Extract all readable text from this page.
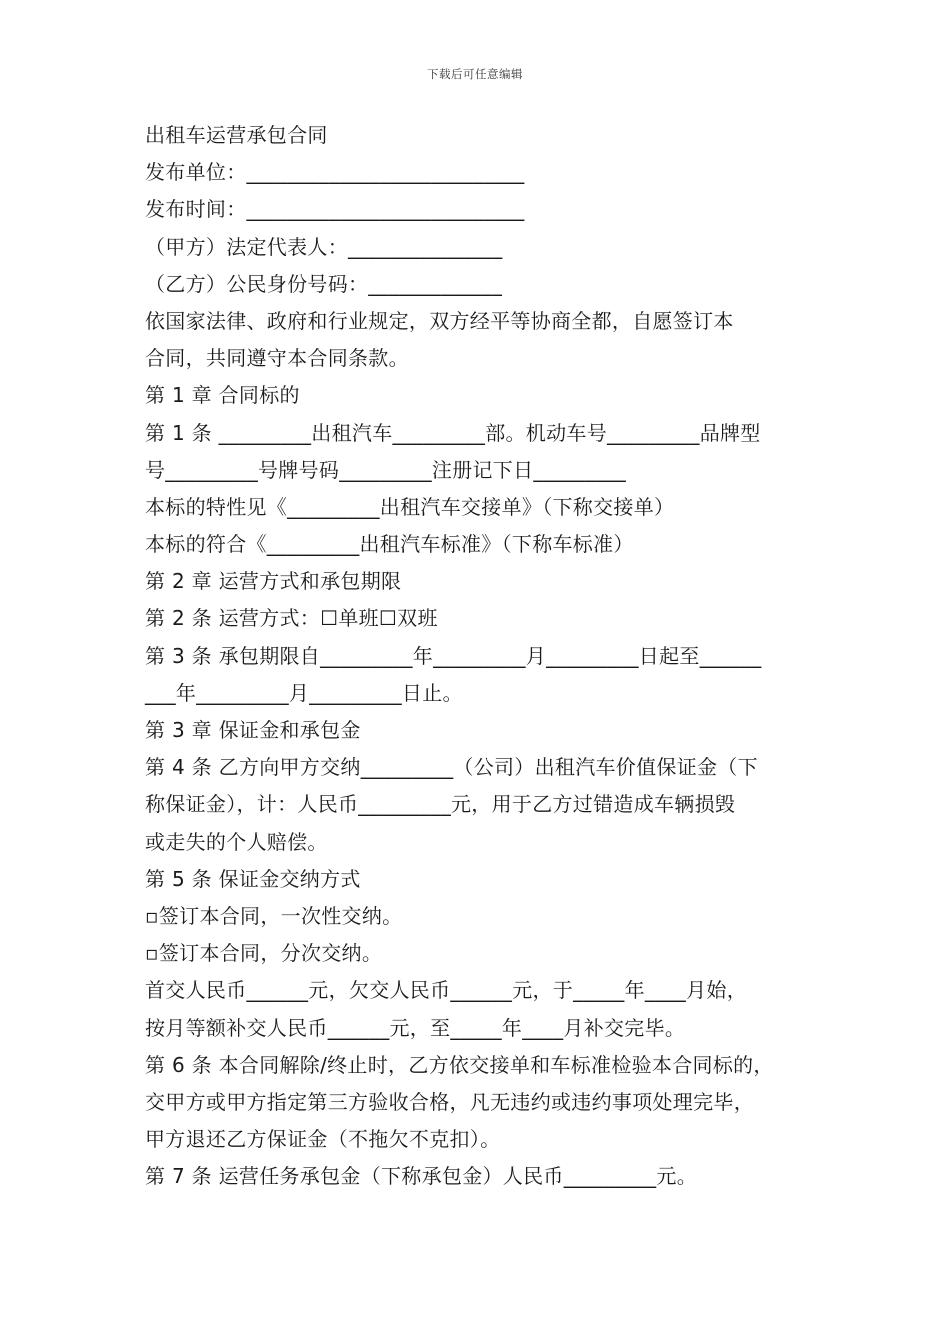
下载后可任意编辑
出租车运营承包合同
发布单位：___________________________
发布时间：___________________________
（甲方）法定代表人：_______________
（乙方）公民身份号码：_____________
依国家法律、政府和行业规定，双方经平等协商全都，自愿签订本
合同，共同遵守本合同条款。
第 1 章 合同标的
第 1 条 _________出租汽车_________部。机动车号_________品牌型
号_________号牌号码_________注册记下日_________
本标的特性见《_________出租汽车交接单》（下称交接单）
本标的符合《_________出租汽车标准》（下称车标准）
第 2 章 运营方式和承包期限
第 2 条 运营方式：☐单班☐双班
第 3 条 承包期限自_________年_________月_________日起至______
___年_________月_________日止。
第 3 章 保证金和承包金
第 4 条 乙方向甲方交纳_________（公司）出租汽车价值保证金（下
称保证金），计：人民币_________元，用于乙方过错造成车辆损毁
或走失的个人赔偿。
第 5 条 保证金交纳方式
▫签订本合同，一次性交纳。
▫签订本合同，分次交纳。
首交人民币______元，欠交人民币______元，于_____年____月始，
按月等额补交人民币______元，至_____年____月补交完毕。
第 6 条 本合同解除/终止时，乙方依交接单和车标准检验本合同标的，
交甲方或甲方指定第三方验收合格，凡无违约或违约事项处理完毕，
甲方退还乙方保证金（不拖欠不克扣）。
第 7 条 运营任务承包金（下称承包金）人民币_________元。
